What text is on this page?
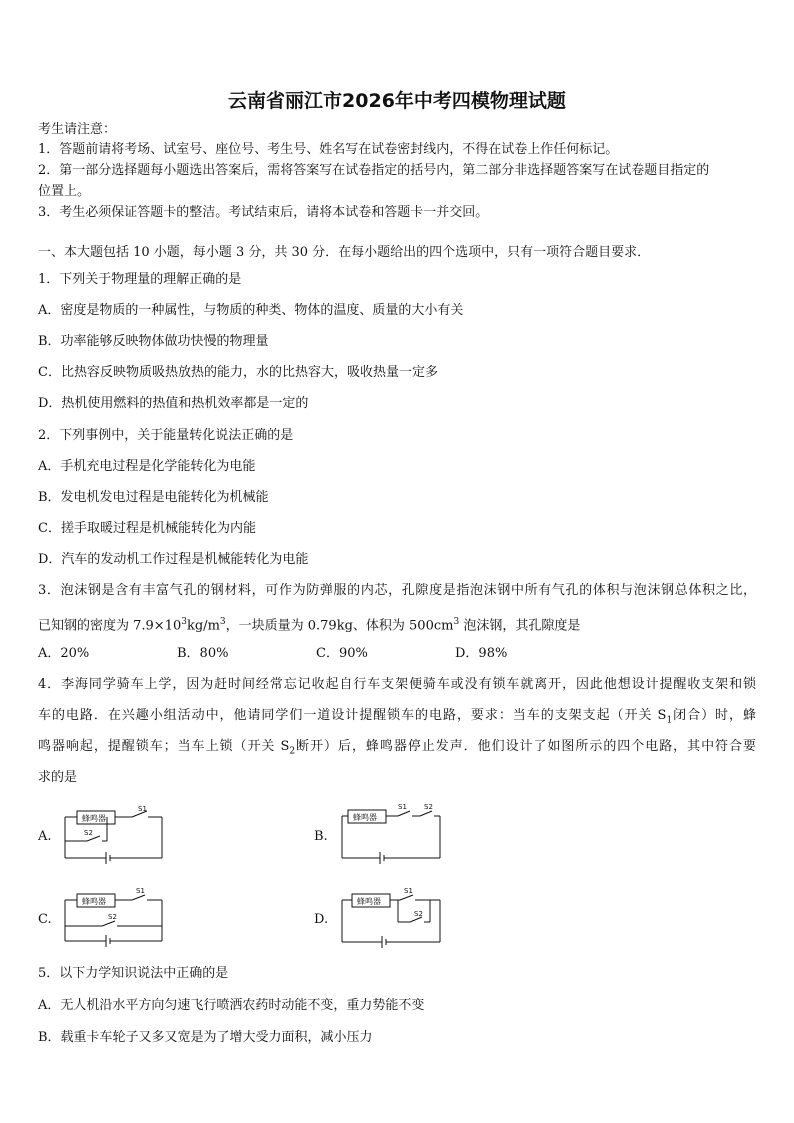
云南省丽江市2026年中考四模物理试题
考生请注意：
1．答题前请将考场、试室号、座位号、考生号、姓名写在试卷密封线内，不得在试卷上作任何标记。
2．第一部分选择题每小题选出答案后，需将答案写在试卷指定的括号内，第二部分非选择题答案写在试卷题目指定的
位置上。
3．考生必须保证答题卡的整洁。考试结束后，请将本试卷和答题卡一并交回。
一、本大题包括 10 小题，每小题 3 分，共 30 分．在每小题给出的四个选项中，只有一项符合题目要求．
1．下列关于物理量的理解正确的是
A．密度是物质的一种属性，与物质的种类、物体的温度、质量的大小有关
B．功率能够反映物体做功快慢的物理量
C．比热容反映物质吸热放热的能力，水的比热容大，吸收热量一定多
D．热机使用燃料的热值和热机效率都是一定的
2．下列事例中，关于能量转化说法正确的是
A．手机充电过程是化学能转化为电能
B．发电机发电过程是电能转化为机械能
C．搓手取暖过程是机械能转化为内能
D．汽车的发动机工作过程是机械能转化为电能
3．泡沫钢是含有丰富气孔的钢材料，可作为防弹服的内芯，孔隙度是指泡沫钢中所有气孔的体积与泡沫钢总体积之比，
已知钢的密度为 $7.9\times 10^3kg/m^3$，一块质量为 0.79kg、体积为 $500cm^3$ 泡沫钢，其孔隙度是
A．20%	B．80%	C．90%	D．98%
4．李海同学骑车上学，因为赶时间经常忘记收起自行车支架便骑车或没有锁车就离开，因此他想设计提醒收支架和锁
车的电路．在兴趣小组活动中，他请同学们一道设计提醒锁车的电路，要求：当车的支架支起（开关 $S_1$闭合）时，蜂
鸣器响起，提醒锁车；当车上锁（开关 $S_2$断开）后，蜂鸣器停止发声．他们设计了如图所示的四个电路，其中符合要
求的是
A.	B.
C.	D.
蜂鸣器
S1
S2
蜂鸣器
S1 S2
蜂鸣器
S1
S2
蜂鸣器
S1
S2
5．以下力学知识说法中正确的是
A．无人机沿水平方向匀速飞行喷洒农药时动能不变，重力势能不变
B．载重卡车轮子又多又宽是为了增大受力面积，减小压力
